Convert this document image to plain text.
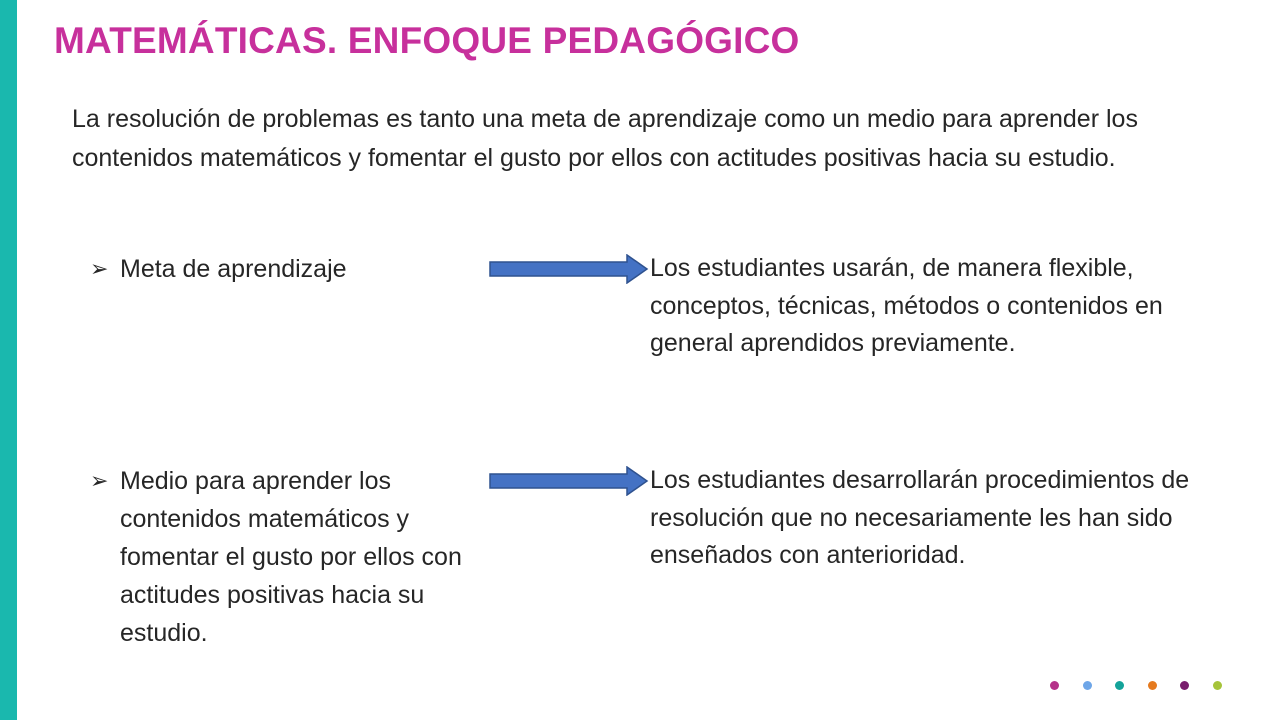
MATEMÁTICAS. ENFOQUE PEDAGÓGICO

La resolución de problemas es tanto una meta de aprendizaje como un medio para aprender los contenidos matemáticos y fomentar el gusto por ellos con actitudes positivas hacia su estudio.

➢ Meta de aprendizaje	Los estudiantes usarán, de manera flexible, conceptos, técnicas, métodos o contenidos en general aprendidos previamente.

➢ Medio para aprender los contenidos matemáticos y fomentar el gusto por ellos con actitudes positivas hacia su estudio.

Los estudiantes desarrollarán procedimientos de resolución que no necesariamente les han sido enseñados con anterioridad.
